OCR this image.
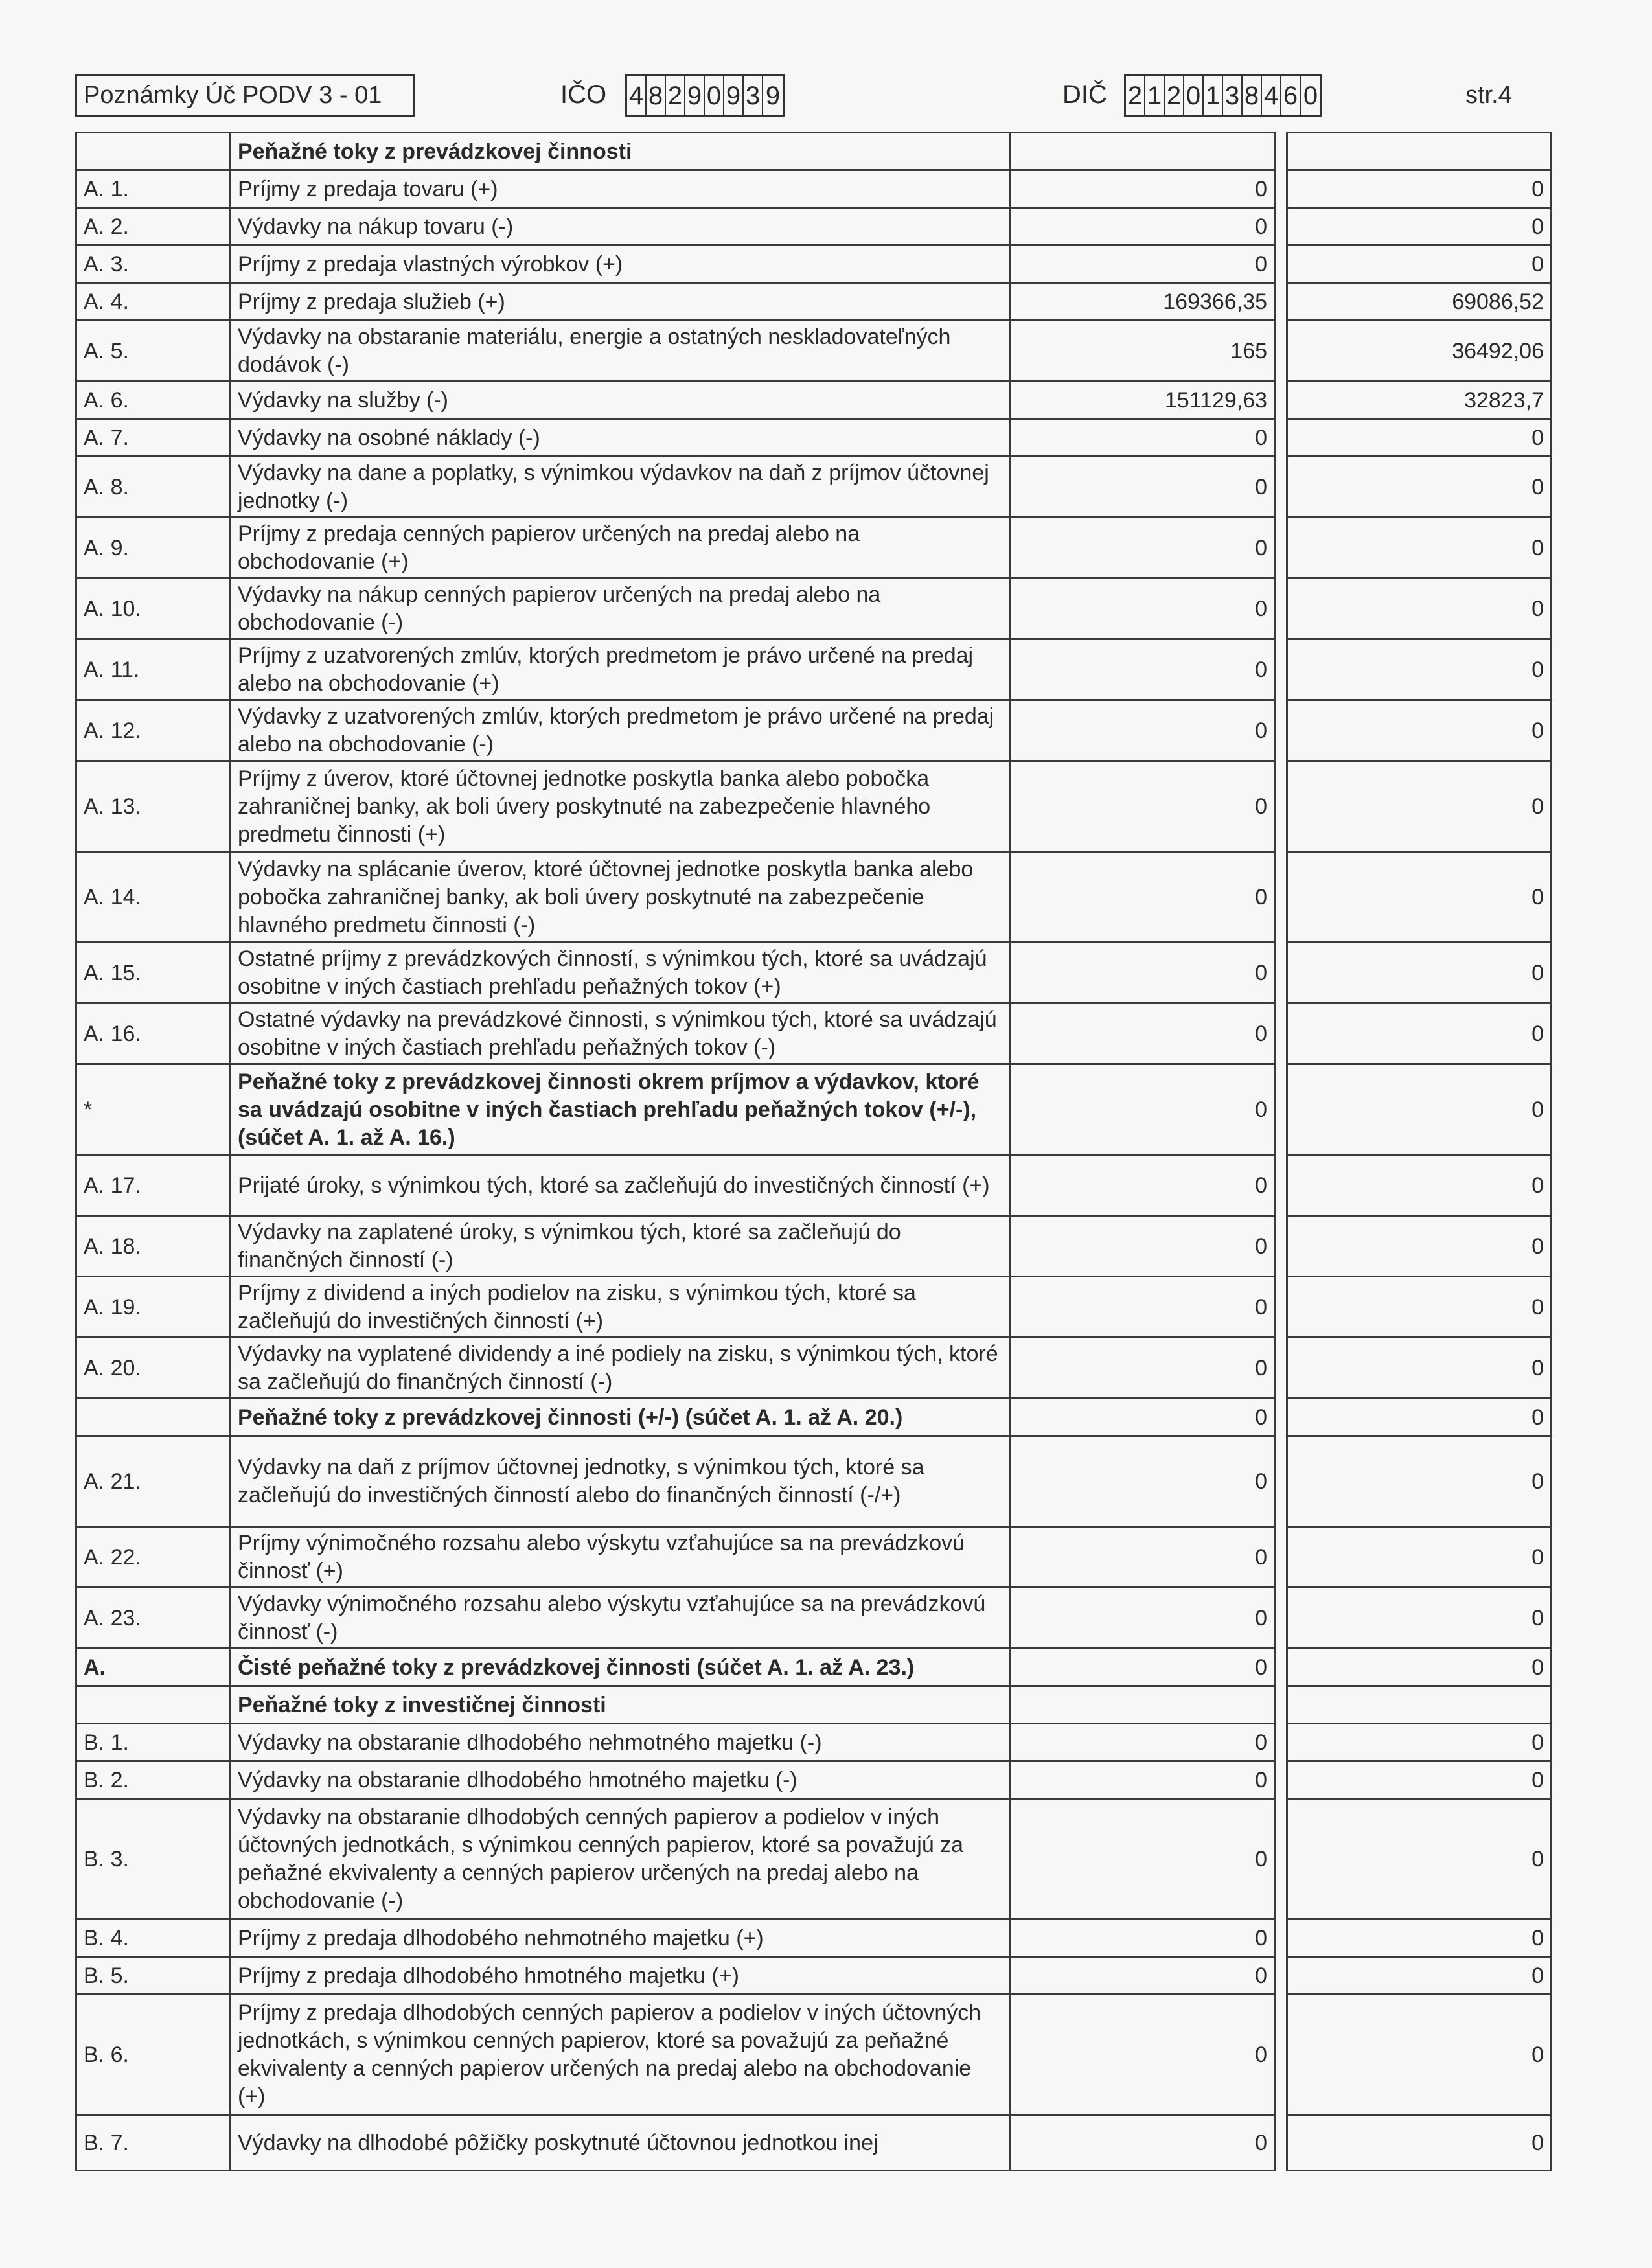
Poznámky Úč PODV 3 - 01	IČO 4 8 2 9 0 9 3 9	DIČ 2 1 2 0 1 3 8 4 6 0	str.4
	Peňažné toky z prevádzkovej činnosti			
A. 1.	Príjmy z predaja tovaru (+)	0		0
A. 2.	Výdavky na nákup tovaru (-)	0		0
A. 3.	Príjmy z predaja vlastných výrobkov (+)	0		0
A. 4.	Príjmy z predaja služieb (+)	169366,35		69086,52
A. 5.	Výdavky na obstaranie materiálu, energie a ostatných neskladovateľných dodávok (-)	165		36492,06
A. 6.	Výdavky na služby (-)	151129,63		32823,7
A. 7.	Výdavky na osobné náklady (-)	0		0
A. 8.	Výdavky na dane a poplatky, s výnimkou výdavkov na daň z príjmov účtovnej jednotky (-)	0		0
A. 9.	Príjmy z predaja cenných papierov určených na predaj alebo na obchodovanie (+)	0		0
A. 10.	Výdavky na nákup cenných papierov určených na predaj alebo na obchodovanie (-)	0		0
A. 11.	Príjmy z uzatvorených zmlúv, ktorých predmetom je právo určené na predaj alebo na obchodovanie (+)	0		0
A. 12.	Výdavky z uzatvorených zmlúv, ktorých predmetom je právo určené na predaj alebo na obchodovanie (-)	0		0
A. 13.	Príjmy z úverov, ktoré účtovnej jednotke poskytla banka alebo pobočka zahraničnej banky, ak boli úvery poskytnuté na zabezpečenie hlavného predmetu činnosti (+)	0		0
A. 14.	Výdavky na splácanie úverov, ktoré účtovnej jednotke poskytla banka alebo pobočka zahraničnej banky, ak boli úvery poskytnuté na zabezpečenie hlavného predmetu činnosti (-)	0		0
A. 15.	Ostatné príjmy z prevádzkových činností, s výnimkou tých, ktoré sa uvádzajú osobitne v iných častiach prehľadu peňažných tokov (+)	0		0
A. 16.	Ostatné výdavky na prevádzkové činnosti, s výnimkou tých, ktoré sa uvádzajú osobitne v iných častiach prehľadu peňažných tokov (-)	0		0
*	Peňažné toky z prevádzkovej činnosti okrem príjmov a výdavkov, ktoré sa uvádzajú osobitne v iných častiach prehľadu peňažných tokov (+/-), (súčet A. 1. až A. 16.)	0		0
A. 17.	Prijaté úroky, s výnimkou tých, ktoré sa začleňujú do investičných činností (+)	0		0
A. 18.	Výdavky na zaplatené úroky, s výnimkou tých, ktoré sa začleňujú do finančných činností (-)	0		0
A. 19.	Príjmy z dividend a iných podielov na zisku, s výnimkou tých, ktoré sa začleňujú do investičných činností (+)	0		0
A. 20.	Výdavky na vyplatené dividendy a iné podiely na zisku, s výnimkou tých, ktoré sa začleňujú do finančných činností (-)	0		0
	Peňažné toky z prevádzkovej činnosti (+/-) (súčet A. 1. až A. 20.)	0		0
A. 21.	Výdavky na daň z príjmov účtovnej jednotky, s výnimkou tých, ktoré sa začleňujú do investičných činností alebo do finančných činností (-/+)	0		0
A. 22.	Príjmy výnimočného rozsahu alebo výskytu vzťahujúce sa na prevádzkovú činnosť (+)	0		0
A. 23.	Výdavky výnimočného rozsahu alebo výskytu vzťahujúce sa na prevádzkovú činnosť (-)	0		0
A.	Čisté peňažné toky z prevádzkovej činnosti (súčet A. 1. až A. 23.)	0		0
	Peňažné toky z investičnej činnosti			
B. 1.	Výdavky na obstaranie dlhodobého nehmotného majetku (-)	0		0
B. 2.	Výdavky na obstaranie dlhodobého hmotného majetku (-)	0		0
B. 3.	Výdavky na obstaranie dlhodobých cenných papierov a podielov v iných účtovných jednotkách, s výnimkou cenných papierov, ktoré sa považujú za peňažné ekvivalenty a cenných papierov určených na predaj alebo na obchodovanie (-)	0		0
B. 4.	Príjmy z predaja dlhodobého nehmotného majetku (+)	0		0
B. 5.	Príjmy z predaja dlhodobého hmotného majetku (+)	0		0
B. 6.	Príjmy z predaja dlhodobých cenných papierov a podielov v iných účtovných jednotkách, s výnimkou cenných papierov, ktoré sa považujú za peňažné ekvivalenty a cenných papierov určených na predaj alebo na obchodovanie (+)	0		0
B. 7.	Výdavky na dlhodobé pôžičky poskytnuté účtovnou jednotkou inej	0		0
